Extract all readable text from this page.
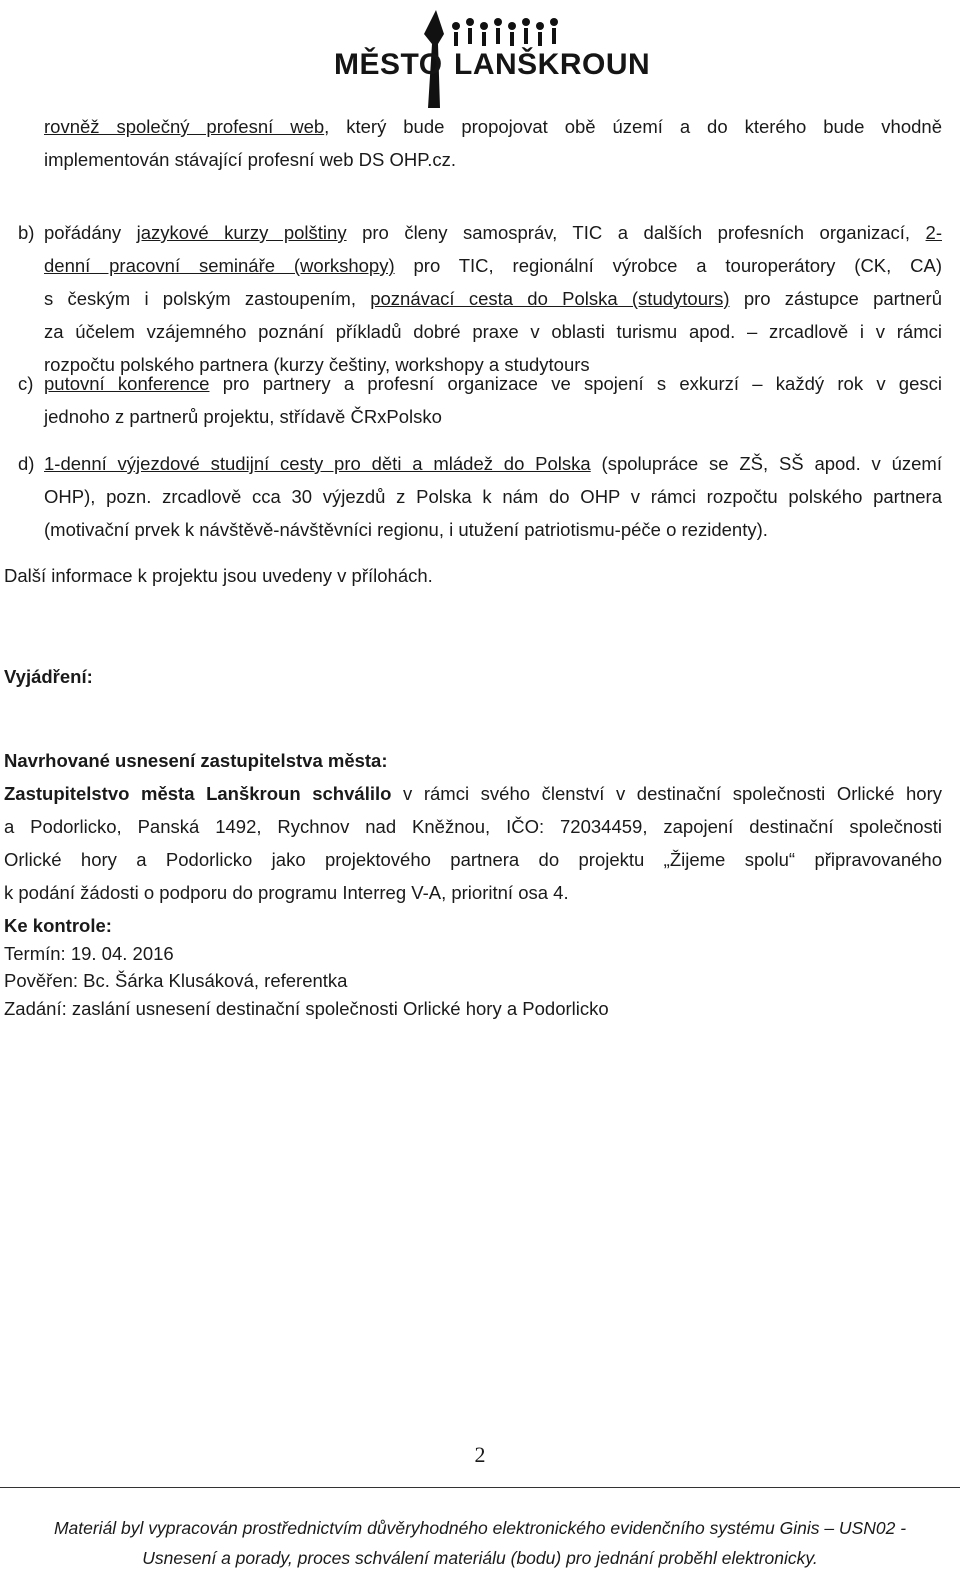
MĚSTO LANŠKROUN
rovněž společný profesní web, který bude propojovat obě území a do kterého bude vhodně
implementován stávající profesní web DS OHP.cz.
b) pořádány jazykové kurzy polštiny pro členy samospráv, TIC a dalších profesních organizací, 2-
denní pracovní semináře (workshopy) pro TIC, regionální výrobce a touroperátory (CK, CA)
s českým i polským zastoupením, poznávací cesta do Polska (studytours) pro zástupce partnerů
za účelem vzájemného poznání příkladů dobré praxe v oblasti turismu apod. – zrcadlově i v rámci
rozpočtu polského partnera (kurzy češtiny, workshopy a studytours
c) putovní konference pro partnery a profesní organizace ve spojení s exkurzí – každý rok v gesci
jednoho z partnerů projektu, střídavě ČRxPolsko
d) 1-denní výjezdové studijní cesty pro děti a mládež do Polska (spolupráce se ZŠ, SŠ apod. v území
OHP), pozn. zrcadlově cca 30 výjezdů z Polska k nám do OHP v rámci rozpočtu polského partnera
(motivační prvek k návštěvě-návštěvníci regionu, i utužení patriotismu-péče o rezidenty).
Další informace k projektu jsou uvedeny v přílohách.
Vyjádření:
Navrhované usnesení zastupitelstva města:
Zastupitelstvo města Lanškroun schválilo v rámci svého členství v destinační společnosti Orlické hory
a Podorlicko, Panská 1492, Rychnov nad Kněžnou, IČO: 72034459, zapojení destinační společnosti
Orlické hory a Podorlicko jako projektového partnera do projektu „Žijeme spolu“ připravovaného
k podání žádosti o podporu do programu Interreg V-A, prioritní osa 4.
Ke kontrole:
Termín: 19. 04. 2016
Pověřen: Bc. Šárka Klusáková, referentka
Zadání: zaslání usnesení destinační společnosti Orlické hory a Podorlicko
2
Materiál byl vypracován prostřednictvím důvěryhodného elektronického evidenčního systému Ginis – USN02 -
Usnesení a porady, proces schválení materiálu (bodu) pro jednání proběhl elektronicky.
